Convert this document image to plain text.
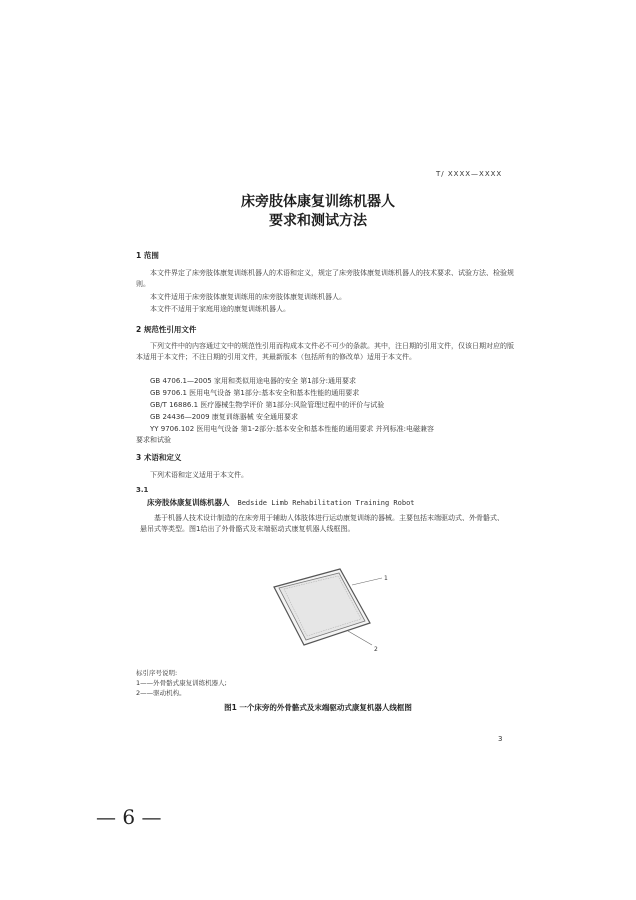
T/ XXXX—XXXX
床旁肢体康复训练机器人
要求和测试方法
1 范围
本文件界定了床旁肢体康复训练机器人的术语和定义，规定了床旁肢体康复训练机器人的技术要求、试验方法、检验规则。
本文件适用于床旁肢体康复训练用的床旁肢体康复训练机器人。
本文件不适用于家庭用途的康复训练机器人。
2 规范性引用文件
下列文件中的内容通过文中的规范性引用而构成本文件必不可少的条款。其中，注日期的引用文件，仅该日期对应的版本适用于本文件；不注日期的引用文件，其最新版本（包括所有的修改单）适用于本文件。
GB 4706.1—2005 家用和类似用途电器的安全 第1部分:通用要求
GB 9706.1 医用电气设备 第1部分:基本安全和基本性能的通用要求
GB/T 16886.1 医疗器械生物学评价 第1部分:风险管理过程中的评价与试验
GB 24436—2009 康复训练器械 安全通用要求
YY 9706.102 医用电气设备 第1-2部分:基本安全和基本性能的通用要求 并列标准:电磁兼容
要求和试验
3 术语和定义
下列术语和定义适用于本文件。
3.1
床旁肢体康复训练机器人 Bedside Limb Rehabilitation Training Robot
基于机器人技术设计制造的在床旁用于辅助人体肢体进行运动康复训练的器械。主要包括末端驱动式、外骨骼式、悬吊式等类型。图1给出了外骨骼式及末端驱动式康复机器人线框图。
1
2
标引序号说明:
1——外骨骼式康复训练机器人;
2——驱动机构。
图1 一个床旁的外骨骼式及末端驱动式康复机器人线框图
3
— 6 —
